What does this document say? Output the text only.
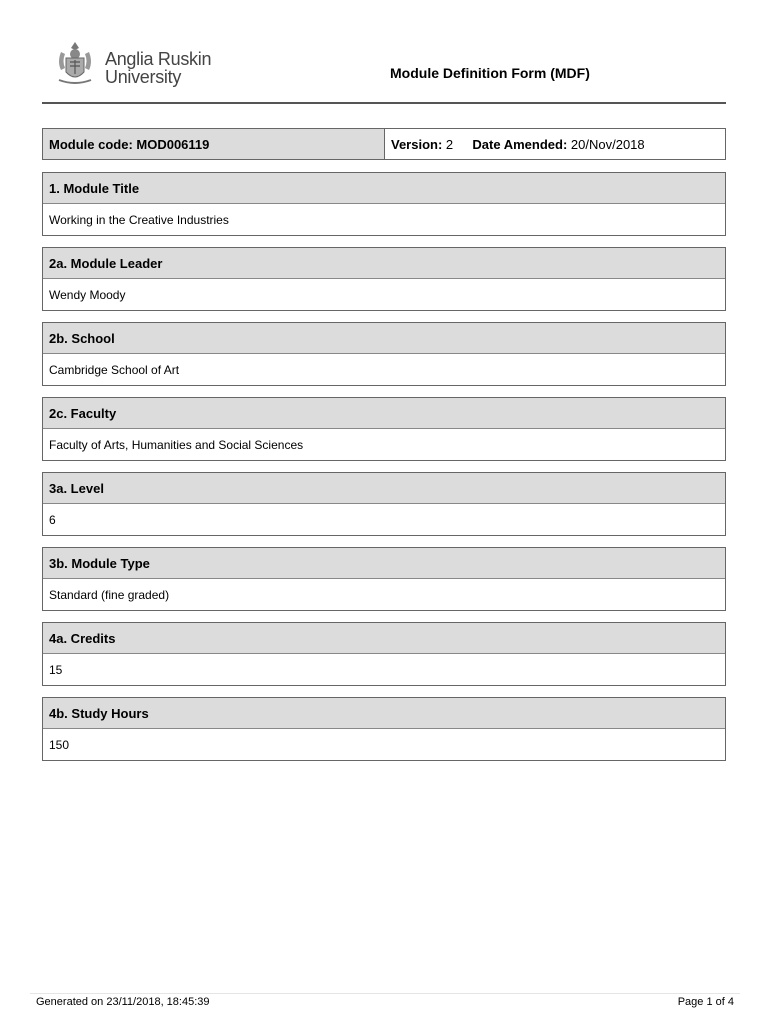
Anglia Ruskin
University	Module Definition Form (MDF)
Module code: MOD006119	Version: 2 Date Amended: 20/Nov/2018
1. Module Title
Working in the Creative Industries
2a. Module Leader
Wendy Moody
2b. School
Cambridge School of Art
2c. Faculty
Faculty of Arts, Humanities and Social Sciences
3a. Level
6
3b. Module Type
Standard (fine graded)
4a. Credits
15
4b. Study Hours
150
Generated on 23/11/2018, 18:45:39	Page 1 of 4
